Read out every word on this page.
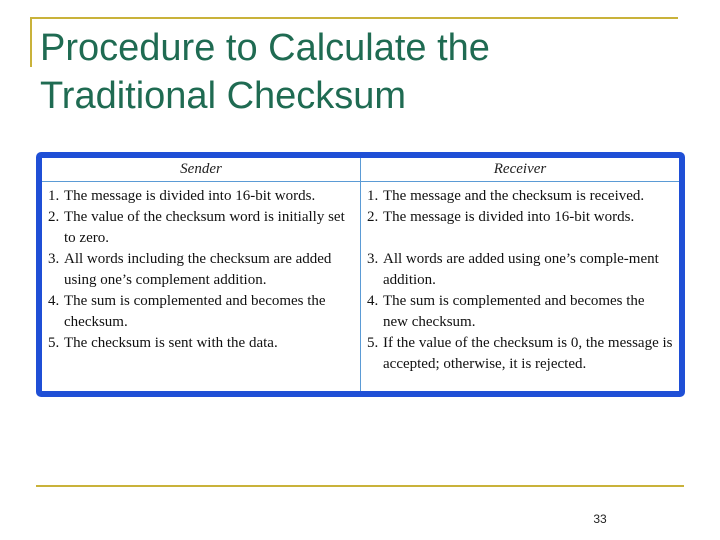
Procedure to Calculate the
Traditional Checksum
Sender	Receiver
1. The message is divided into 16-bit words.
2. The value of the checksum word is initially set to zero.
3. All words including the checksum are added using one’s complement addition.
4. The sum is complemented and becomes the checksum.
5. The checksum is sent with the data.
1. The message and the checksum is received.
2. The message is divided into 16-bit words.
3. All words are added using one’s comple-ment addition.
4. The sum is complemented and becomes the new checksum.
5. If the value of the checksum is 0, the message is accepted; otherwise, it is rejected.
33
